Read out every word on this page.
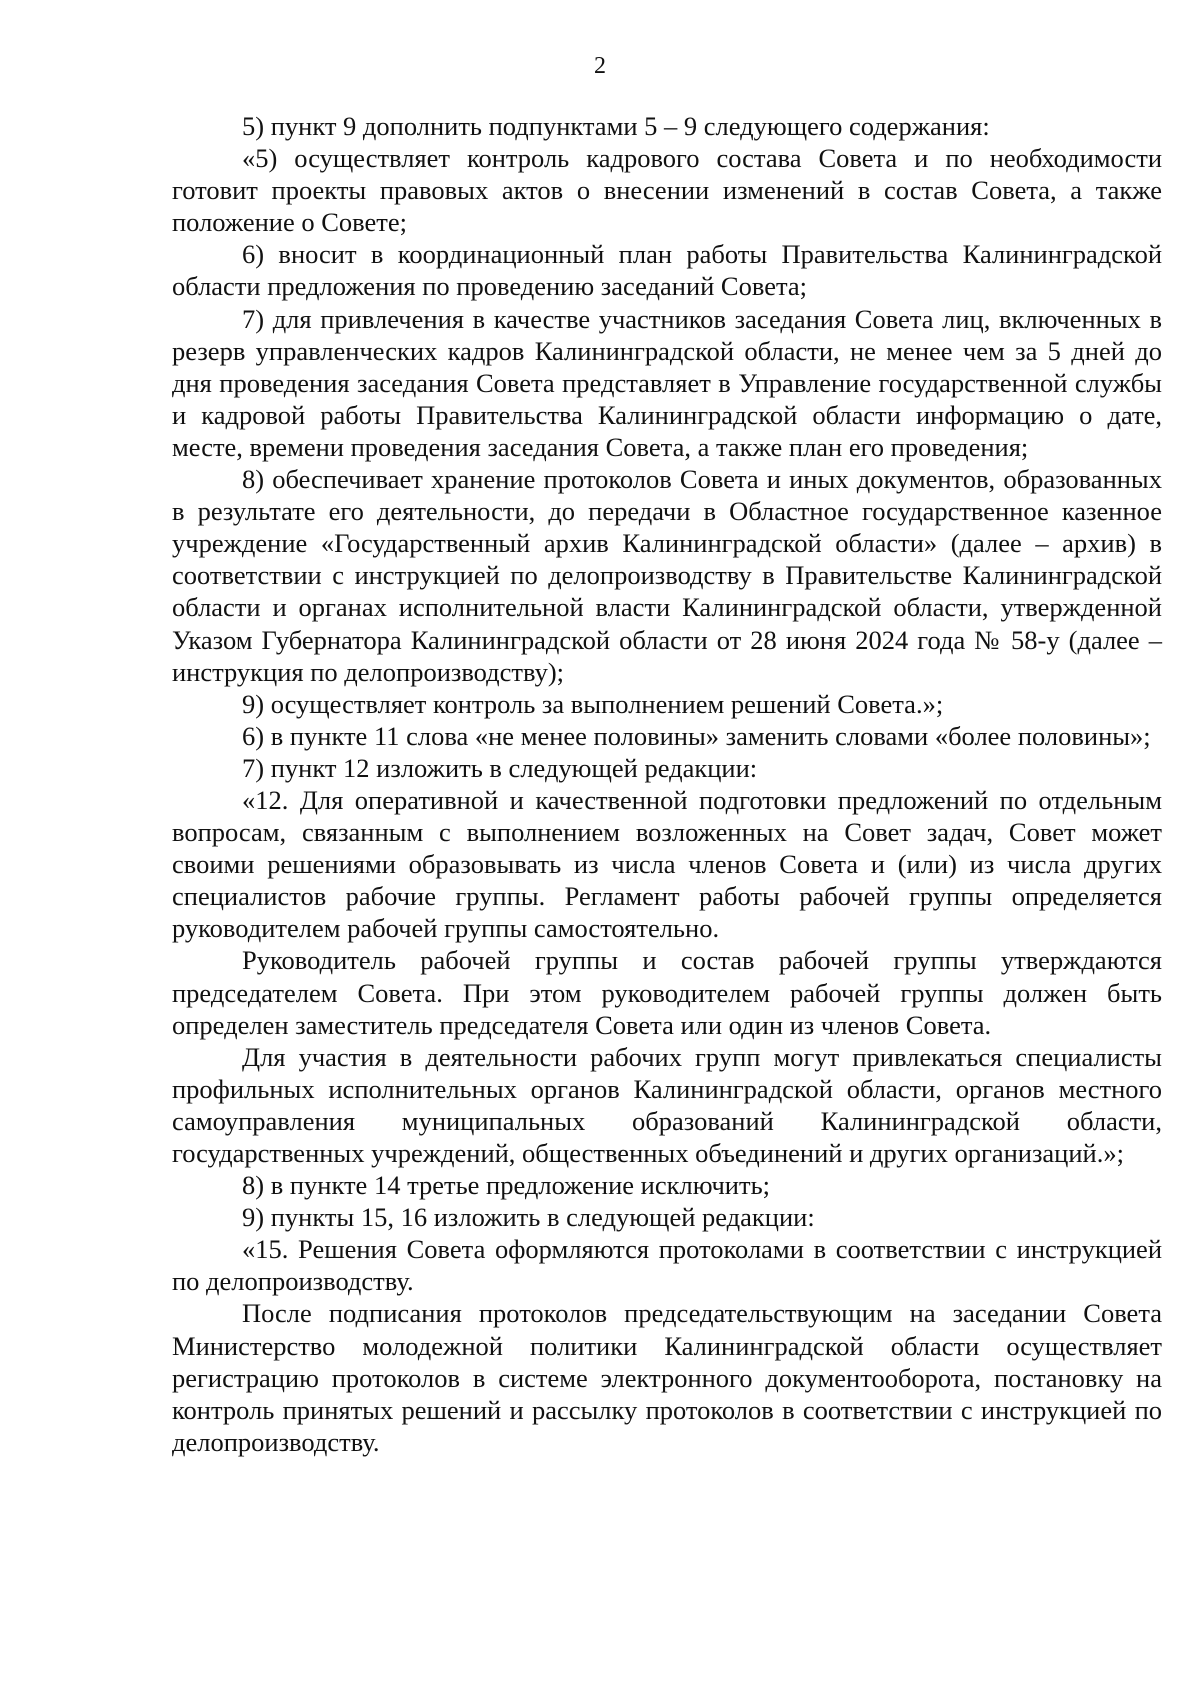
2

5) пункт 9 дополнить подпунктами 5 – 9 следующего содержания:

«5) осуществляет контроль кадрового состава Совета и по необходимости готовит проекты правовых актов о внесении изменений в состав Совета, а также положение о Совете;

6) вносит в координационный план работы Правительства Калининградской области предложения по проведению заседаний Совета;

7) для привлечения в качестве участников заседания Совета лиц, включенных в резерв управленческих кадров Калининградской области, не менее чем за 5 дней до дня проведения заседания Совета представляет в Управление государственной службы и кадровой работы Правительства Калининградской области информацию о дате, месте, времени проведения заседания Совета, а также план его проведения;

8) обеспечивает хранение протоколов Совета и иных документов, образованных в результате его деятельности, до передачи в Областное государственное казенное учреждение «Государственный архив Калининградской области» (далее – архив) в соответствии с инструкцией по делопроизводству в Правительстве Калининградской области и органах исполнительной власти Калининградской области, утвержденной Указом Губернатора Калининградской области от 28 июня 2024 года № 58-у (далее – инструкция по делопроизводству);

9) осуществляет контроль за выполнением решений Совета.»;

6) в пункте 11 слова «не менее половины» заменить словами «более половины»;

7) пункт 12 изложить в следующей редакции:

«12. Для оперативной и качественной подготовки предложений по отдельным вопросам, связанным с выполнением возложенных на Совет задач, Совет может своими решениями образовывать из числа членов Совета и (или) из числа других специалистов рабочие группы. Регламент работы рабочей группы определяется руководителем рабочей группы самостоятельно.

Руководитель рабочей группы и состав рабочей группы утверждаются председателем Совета. При этом руководителем рабочей группы должен быть определен заместитель председателя Совета или один из членов Совета.

Для участия в деятельности рабочих групп могут привлекаться специалисты профильных исполнительных органов Калининградской области, органов местного самоуправления муниципальных образований Калининградской области, государственных учреждений, общественных объединений и других организаций.»;

8) в пункте 14 третье предложение исключить;

9) пункты 15, 16 изложить в следующей редакции:

«15. Решения Совета оформляются протоколами в соответствии с инструкцией по делопроизводству.

После подписания протоколов председательствующим на заседании Совета Министерство молодежной политики Калининградской области осуществляет регистрацию протоколов в системе электронного документооборота, постановку на контроль принятых решений и рассылку протоколов в соответствии с инструкцией по делопроизводству.
